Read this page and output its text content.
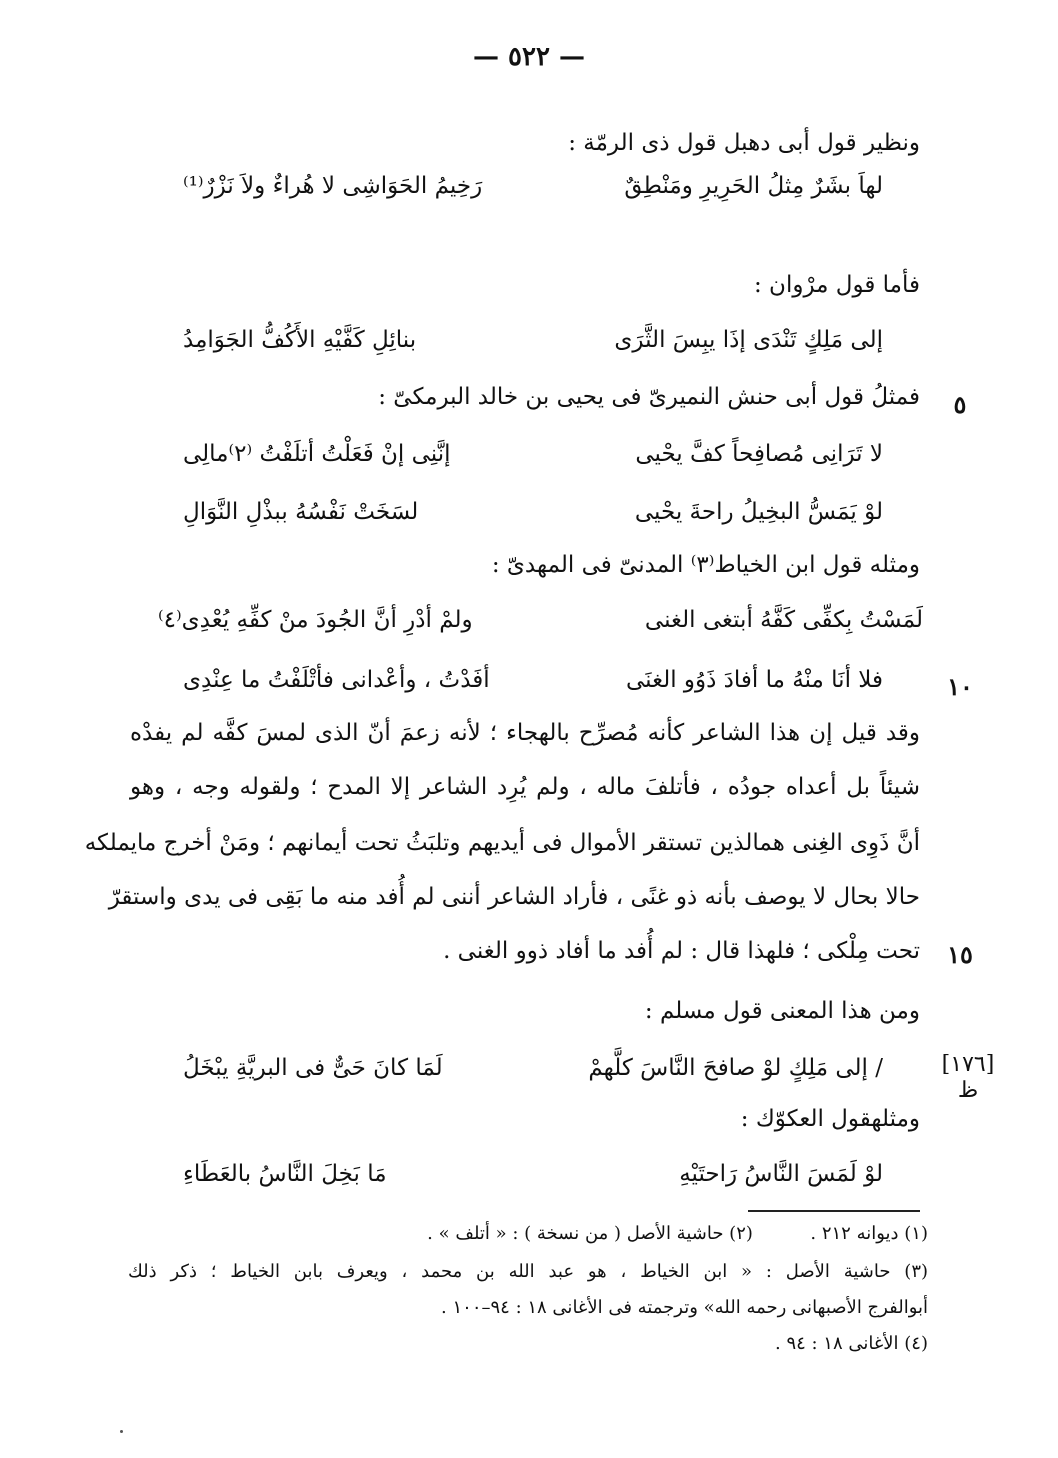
— ٥٢٢ —
ونظير قول أبى دهبل قول ذى الرمّة :
لهاَ بشَرٌ مِثلُ الحَرِيرِ ومَنْطِقٌ
رَخِيمُ الحَوَاشِى لا هُراءٌ ولاَ نَزْرٌ⁽¹⁾
فأما قول مرْوان :
إلى مَلِكٍ تَنْدَى إذَا يبِسَ الثَّرَى
بنائِلِ كَفَّيْهِ الأَكُفُّ الجَوَامِدُ
٥
فمثلُ قول أبى حنش النميرىّ فى يحيى بن خالد البرمكىّ :
لا تَرَانِى مُصافِحاً كفَّ يحْيى
إنَّنِى إنْ فَعَلْتُ أتلَفْتُ ⁽٢⁾مالِى
لوْ يَمَسُّ البخِيلُ راحةَ يحْيى
لسَخَتْ نَفْسُهُ ببذْلِ النَّوَالِ
ومثله قول ابن الخياط⁽٣⁾ المدنىّ فى المهدىّ :
لَمَسْتُ بِكفِّى كَفَّهُ أبتغى الغنى
ولمْ أدْرِ أنَّ الجُودَ منْ كفِّهِ يُعْدِى⁽٤⁾
١٠
فلا أنَا منْهُ ما أفادَ ذَوُو الغنَى
أفَدْتُ ، وأعْدانى فأتْلَفْتُ ما عِنْدِى
وقد قيل إن هذا الشاعر كأنه مُصرِّح بالهجاء ؛ لأنه زعمَ أنّ الذى لمسَ كفَّه لم يفدْه
شيئاً بل أعداه جودُه ، فأتلفَ ماله ، ولم يُرِد الشاعر إلا المدح ؛ ولقوله وجه ، وهو
أنَّ ذَوِى الغِنى همالذين تستقر الأموال فى أيديهم وتلبَثُ تحت أيمانهم ؛ ومَنْ أخرج مايملكه
حالا بحال لا يوصف بأنه ذو غنًى ، فأراد الشاعر أننى لم أُفد منه ما بَقِى فى يدى واستقرّ
١٥
تحت مِلْكى ؛ فلهذا قال : لم أُفد ما أفاد ذوو الغنى .
ومن هذا المعنى قول مسلم :
[١٧٦]
ظ
/ إلى مَلِكٍ لوْ صافحَ النَّاسَ كلَّهمْ
لَمَا كانَ حَىٌّ فى البريَّةِ يبْخَلُ
ومثلهقول العكوّك :
لوْ لَمَسَ النَّاسُ رَاحتَيْهِ
مَا بَخِلَ النَّاسُ بالعَطَاءِ
(١) ديوانه ٢١٢ .  (٢) حاشية الأصل ( من نسخة ) : « أتلف » .
(٣) حاشية الأصل : « ابن الخياط ، هو عبد الله بن محمد ، ويعرف بابن الخياط ؛ ذكر ذلك
أبوالفرج الأصبهانى رحمه الله» وترجمته فى الأغانى ١٨ : ٩٤–١٠٠ .
(٤) الأغانى ١٨ : ٩٤ .
